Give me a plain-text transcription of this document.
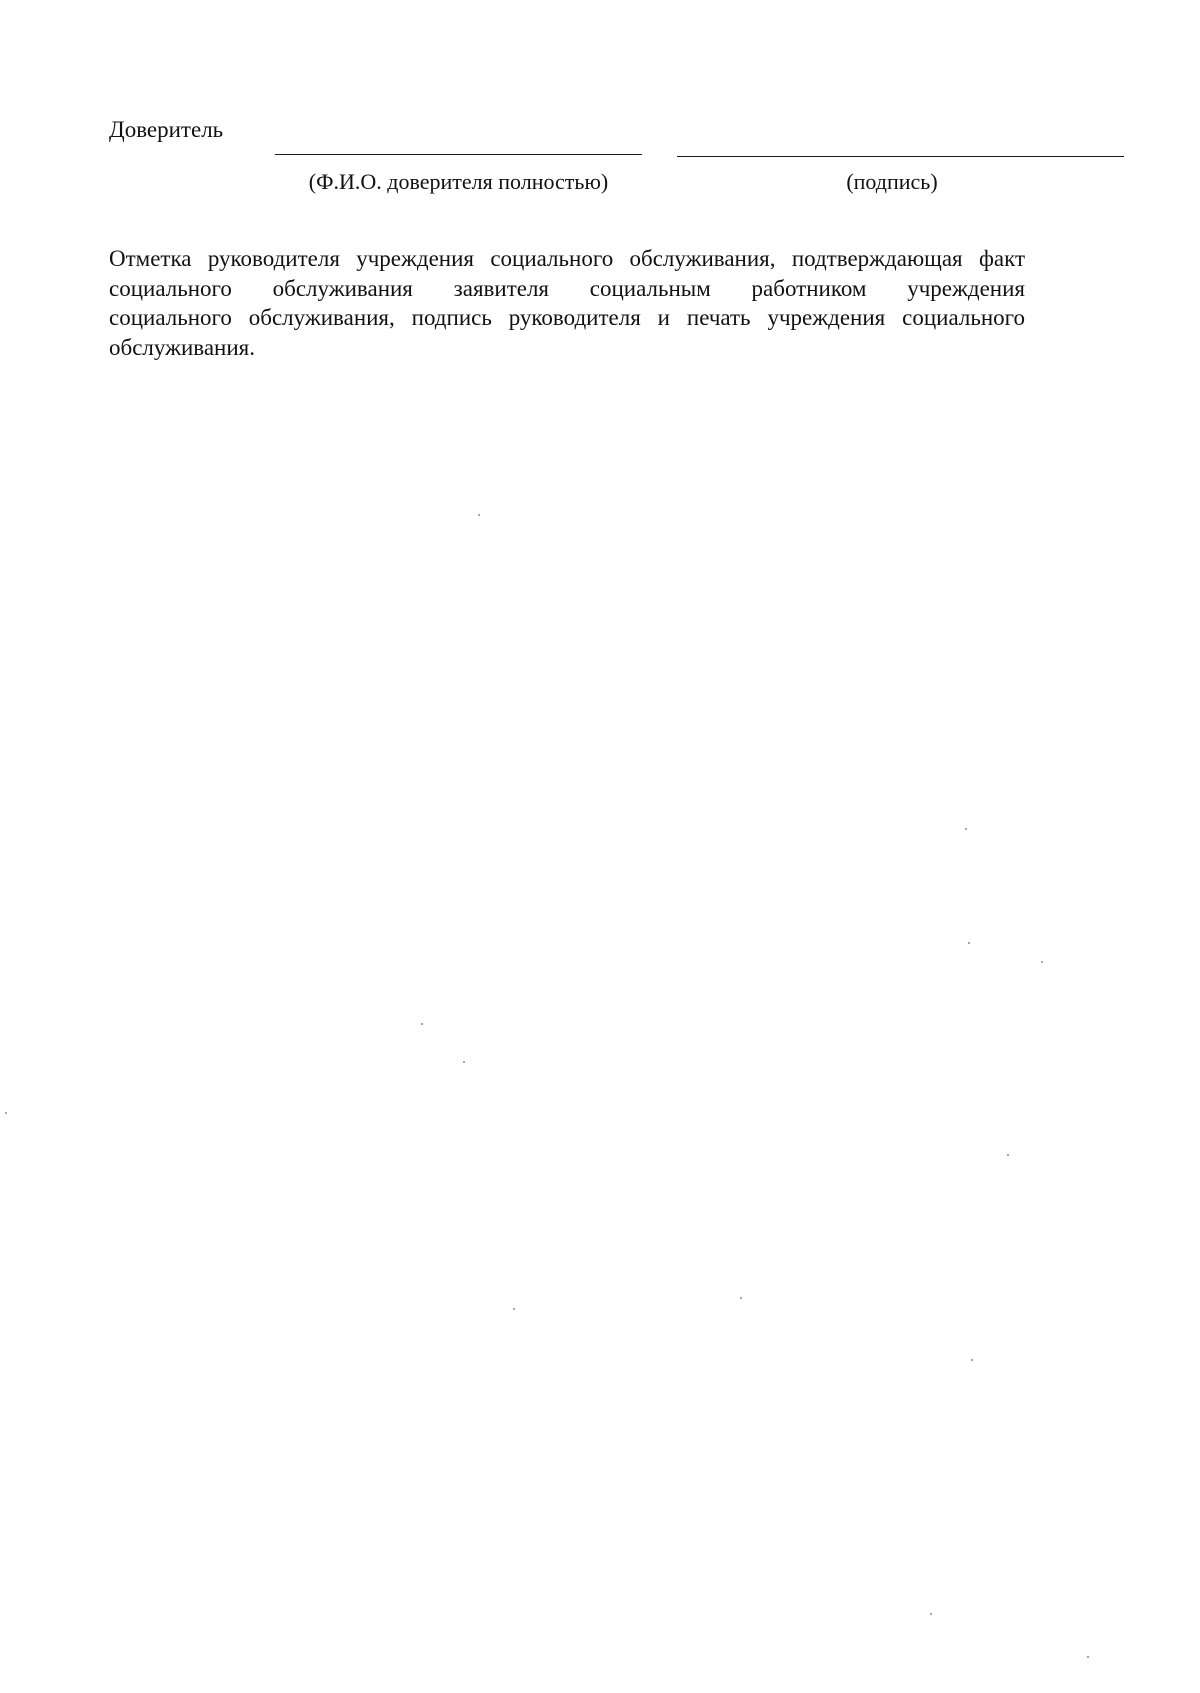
Доверитель
(Ф.И.О. доверителя полностью)	(подпись)
Отметка руководителя учреждения социального обслуживания, подтверждающая факт
социального обслуживания заявителя социальным работником учреждения
социального обслуживания, подпись руководителя и печать учреждения социального
обслуживания.
